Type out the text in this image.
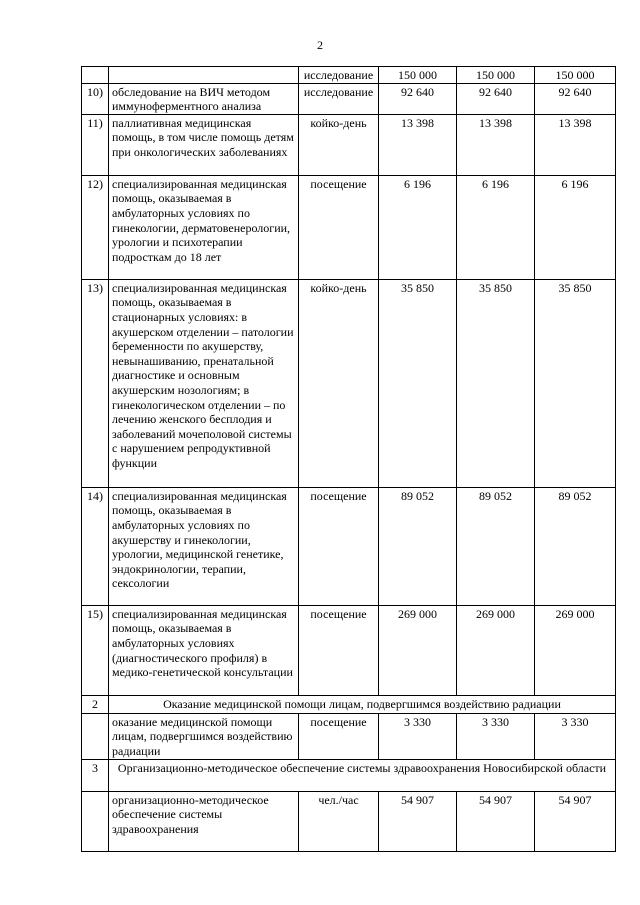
2
		исследование	150 000	150 000	150 000
10)	обследование на ВИЧ методом иммуноферментного анализа	исследование	92 640	92 640	92 640
11)	паллиативная медицинская помощь, в том числе помощь детям при онкологических заболеваниях	койко-день	13 398	13 398	13 398
12)	специализированная медицинская помощь, оказываемая в амбулаторных условиях по гинекологии, дерматовенерологии, урологии и психотерапии подросткам до 18 лет	посещение	6 196	6 196	6 196
13)	специализированная медицинская помощь, оказываемая в стационарных условиях: в акушерском отделении – патологии беременности по акушерству, невынашиванию, пренатальной диагностике и основным акушерским нозологиям; в гинекологическом отделении – по лечению женского бесплодия и заболеваний мочеполовой системы с нарушением репродуктивной функции	койко-день	35 850	35 850	35 850
14)	специализированная медицинская помощь, оказываемая в амбулаторных условиях по акушерству и гинекологии, урологии, медицинской генетике, эндокринологии, терапии, сексологии	посещение	89 052	89 052	89 052
15)	специализированная медицинская помощь, оказываемая в амбулаторных условиях (диагностического профиля) в медико-генетической консультации	посещение	269 000	269 000	269 000
2	Оказание медицинской помощи лицам, подвергшимся воздействию радиации				
	оказание медицинской помощи лицам, подвергшимся воздействию радиации	посещение	3 330	3 330	3 330
3	Организационно-методическое обеспечение системы здравоохранения Новосибирской области				
	организационно-методическое обеспечение системы здравоохранения	чел./час	54 907	54 907	54 907
